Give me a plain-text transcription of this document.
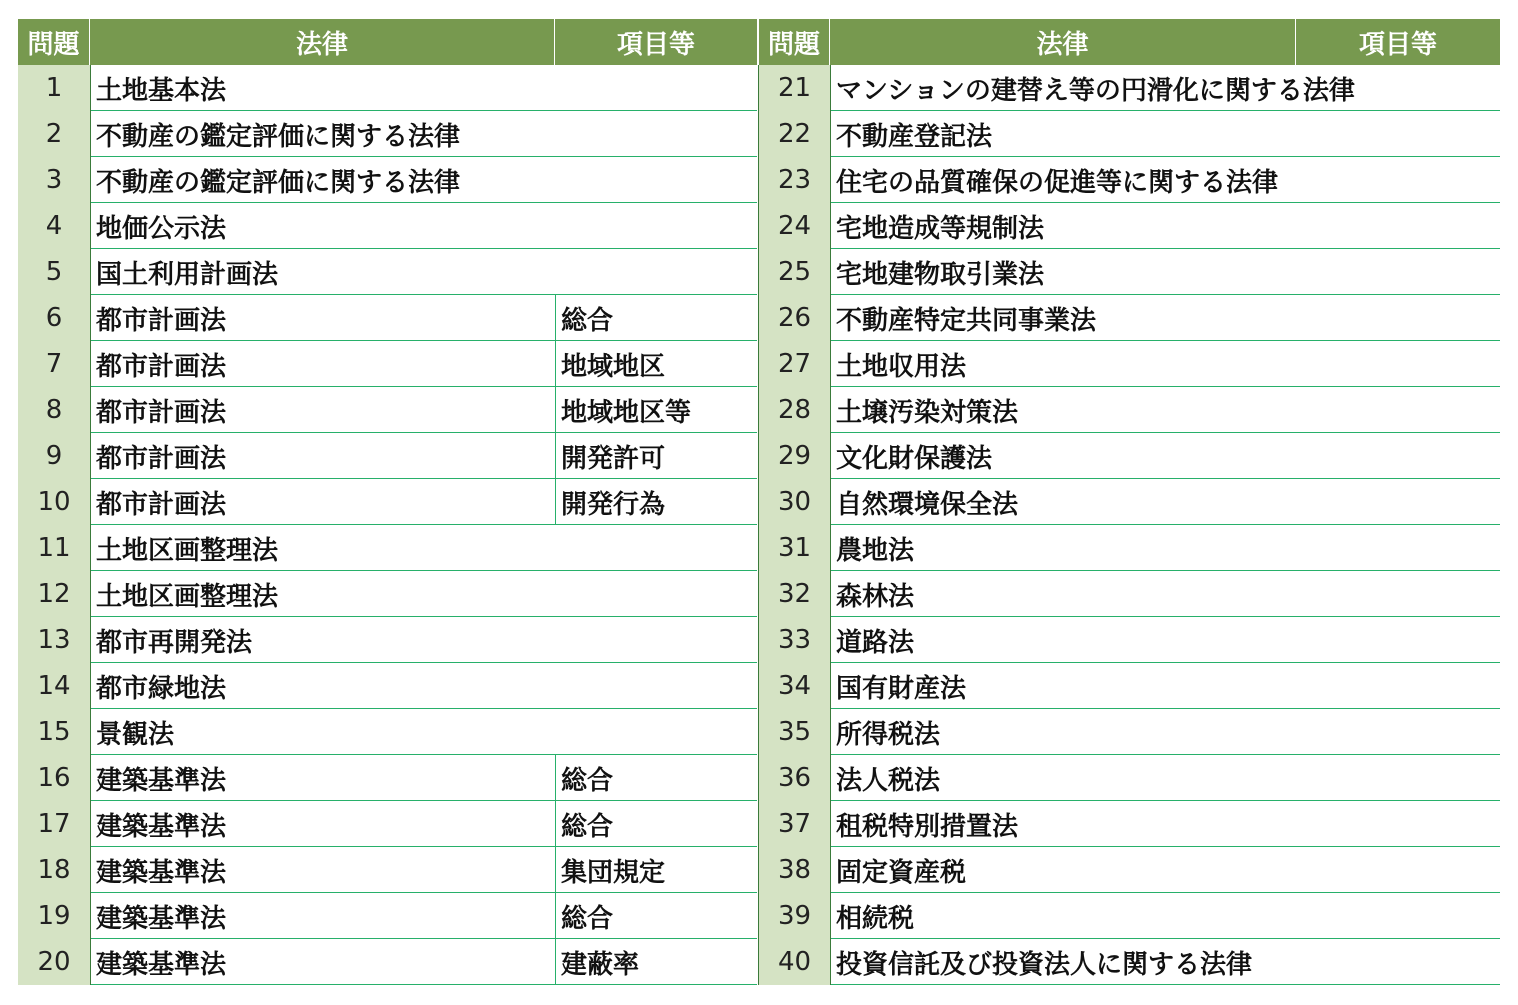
問題	法律	項目等	問題	法律	項目等
1	土地基本法
2	不動産の鑑定評価に関する法律
3	不動産の鑑定評価に関する法律
4	地価公示法
5	国土利用計画法
6	都市計画法	総合
7	都市計画法	地域地区
8	都市計画法	地域地区等
9	都市計画法	開発許可
10 都市計画法	開発行為
11 土地区画整理法
12 土地区画整理法
13 都市再開発法
14 都市緑地法
15 景観法
16 建築基準法	総合
17 建築基準法	総合
18 建築基準法	集団規定
19 建築基準法	総合
20 建築基準法	建蔽率
21 マンションの建替え等の円滑化に関する法律
22 不動産登記法
23 住宅の品質確保の促進等に関する法律
24 宅地造成等規制法
25 宅地建物取引業法
26 不動産特定共同事業法
27 土地収用法
28 土壌汚染対策法
29 文化財保護法
30 自然環境保全法
31 農地法
32 森林法
33 道路法
34 国有財産法
35 所得税法
36 法人税法
37 租税特別措置法
38 固定資産税
39 相続税
40 投資信託及び投資法人に関する法律
